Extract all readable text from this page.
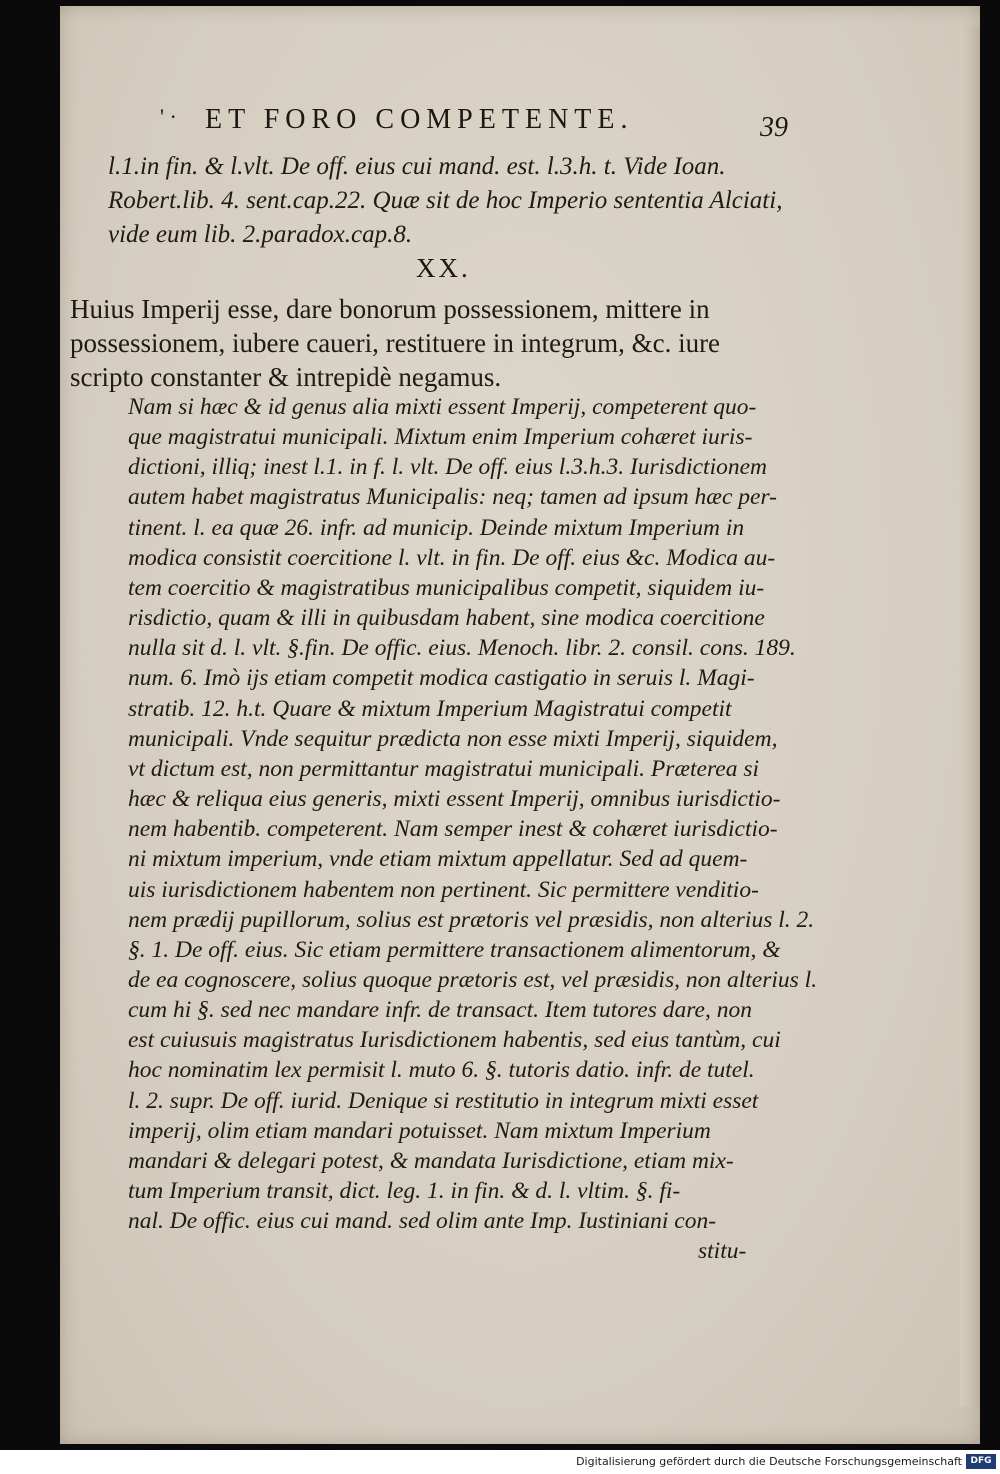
' · ET FORO COMPETENTE.	39
l.1.in fin. & l.vlt. De off. eius cui mand. est. l.3.h. t. Vide Ioan.
Robert.lib. 4. sent.cap.22. Quæ sit de hoc Imperio sententia Alciati,
vide eum lib. 2.paradox.cap.8.
XX.
Huius Imperij esse, dare bonorum possessionem, mittere in
possessionem, iubere caueri, restituere in integrum, &c. iure
scripto constanter & intrepidè negamus.
Nam si hæc & id genus alia mixti essent Imperij, competerent quo-
que magistratui municipali. Mixtum enim Imperium cohæret iuris-
dictioni, illiq; inest l.1. in f. l. vlt. De off. eius l.3.h.3. Iurisdictionem
autem habet magistratus Municipalis: neq; tamen ad ipsum hæc per-
tinent. l. ea quæ 26. infr. ad municip. Deinde mixtum Imperium in
modica consistit coercitione l. vlt. in fin. De off. eius &c. Modica au-
tem coercitio & magistratibus municipalibus competit, siquidem iu-
risdictio, quam & illi in quibusdam habent, sine modica coercitione
nulla sit d. l. vlt. §.fin. De offic. eius. Menoch. libr. 2. consil. cons. 189.
num. 6. Imò ijs etiam competit modica castigatio in seruis l. Magi-
stratib. 12. h.t. Quare & mixtum Imperium Magistratui competit
municipali. Vnde sequitur prædicta non esse mixti Imperij, siquidem,
vt dictum est, non permittantur magistratui municipali. Præterea si
hæc & reliqua eius generis, mixti essent Imperij, omnibus iurisdictio-
nem habentib. competerent. Nam semper inest & cohæret iurisdictio-
ni mixtum imperium, vnde etiam mixtum appellatur. Sed ad quem-
uis iurisdictionem habentem non pertinent. Sic permittere venditio-
nem prædij pupillorum, solius est prætoris vel præsidis, non alterius l. 2.
§. 1. De off. eius. Sic etiam permittere transactionem alimentorum, &
de ea cognoscere, solius quoque prætoris est, vel præsidis, non alterius l.
cum hi §. sed nec mandare infr. de transact. Item tutores dare, non
est cuiusuis magistratus Iurisdictionem habentis, sed eius tantùm, cui
hoc nominatim lex permisit l. muto 6. §. tutoris datio. infr. de tutel.
l. 2. supr. De off. iurid. Denique si restitutio in integrum mixti esset
imperij, olim etiam mandari potuisset. Nam mixtum Imperium
mandari & delegari potest, & mandata Iurisdictione, etiam mix-
tum Imperium transit, dict. leg. 1. in fin. & d. l. vltim. §. fi-
nal. De offic. eius cui mand. sed olim ante Imp. Iustiniani con-
stitu-
Digitalisierung gefördert durch die Deutsche Forschungsgemeinschaft DFG
